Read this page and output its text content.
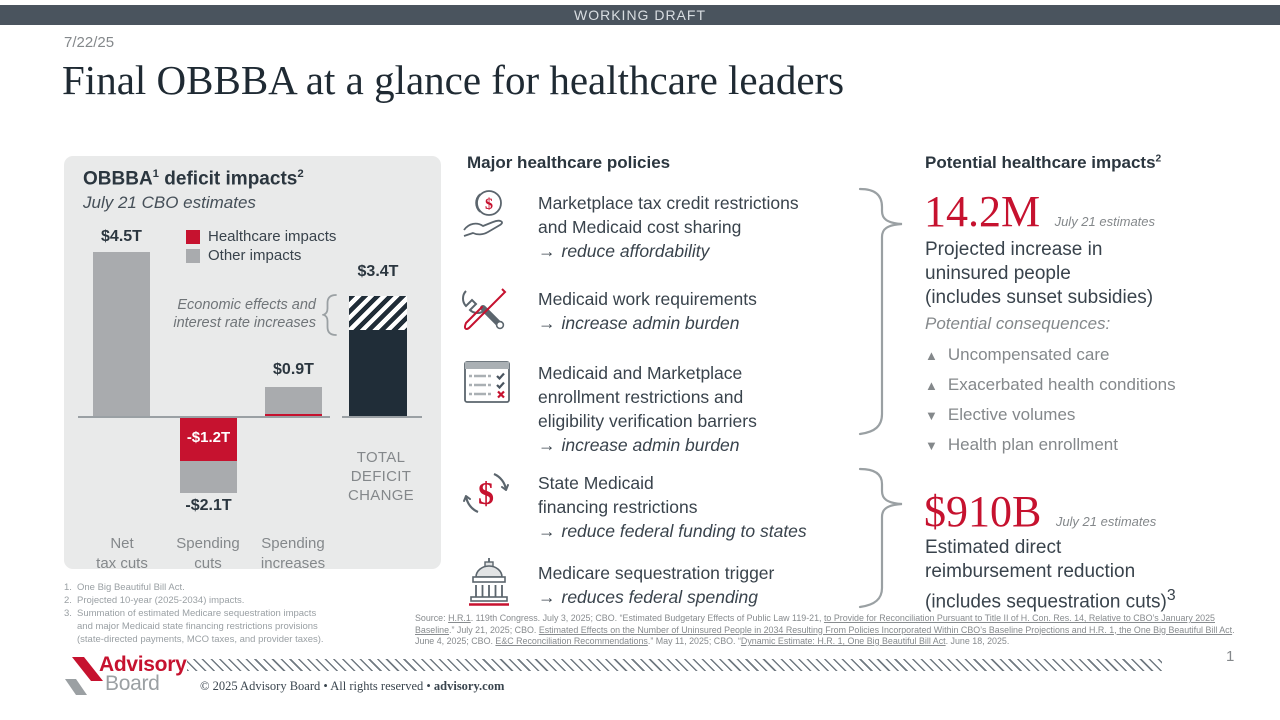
WORKING DRAFT
7/22/25
Final OBBBA at a glance for healthcare leaders
OBBBA$^1$ deficit impacts$^2$
July 21 CBO estimates
Healthcare impacts
Other impacts
$4.5T
-$1.2T
-$2.1T
$0.9T
$3.4T
Economic effects and
interest rate increases
TOTAL
DEFICIT
CHANGE
Net
tax cuts
Spending
cuts
Spending
increases
Major healthcare policies
$	Marketplace tax credit restrictions
and Medicaid cost sharing
→ reduce affordability
Medicaid work requirements
→ increase admin burden
Medicaid and Marketplace
enrollment restrictions and
eligibility verification barriers
→ increase admin burden
$	State Medicaid
financing restrictions
→ reduce federal funding to states
Medicare sequestration trigger
→ reduces federal spending
Potential healthcare impacts$^2$
14.2M July 21 estimates
Projected increase in
uninsured people
(includes sunset subsidies)
Potential consequences:
▲ Uncompensated care
▲ Exacerbated health conditions
▼ Elective volumes
▼ Health plan enrollment
$910B July 21 estimates
Estimated direct
reimbursement reduction
(includes sequestration cuts)$^3$
1. One Big Beautiful Bill Act.
2. Projected 10-year (2025-2034) impacts.
3. Summation of estimated Medicare sequestration impacts
and major Medicaid state financing restrictions provisions
(state-directed payments, MCO taxes, and provider taxes).
Source: H.R.1. 119th Congress. July 3, 2025; CBO. “Estimated Budgetary Effects of Public Law 119-21, to Provide for Reconciliation Pursuant to Title II of H. Con. Res. 14, Relative to CBO’s January 2025 Baseline.” July 21, 2025; CBO. Estimated Effects on the Number of Uninsured People in 2034 Resulting From Policies Incorporated Within CBO’s Baseline Projections and H.R. 1, the One Big Beautiful Bill Act. June 4, 2025; CBO. E&C Reconciliation Recommendations.” May 11, 2025; CBO. “Dynamic Estimate: H.R. 1, One Big Beautiful Bill Act. June 18, 2025.
Advisory
Board	© 2025 Advisory Board • All rights reserved • advisory.com
1
